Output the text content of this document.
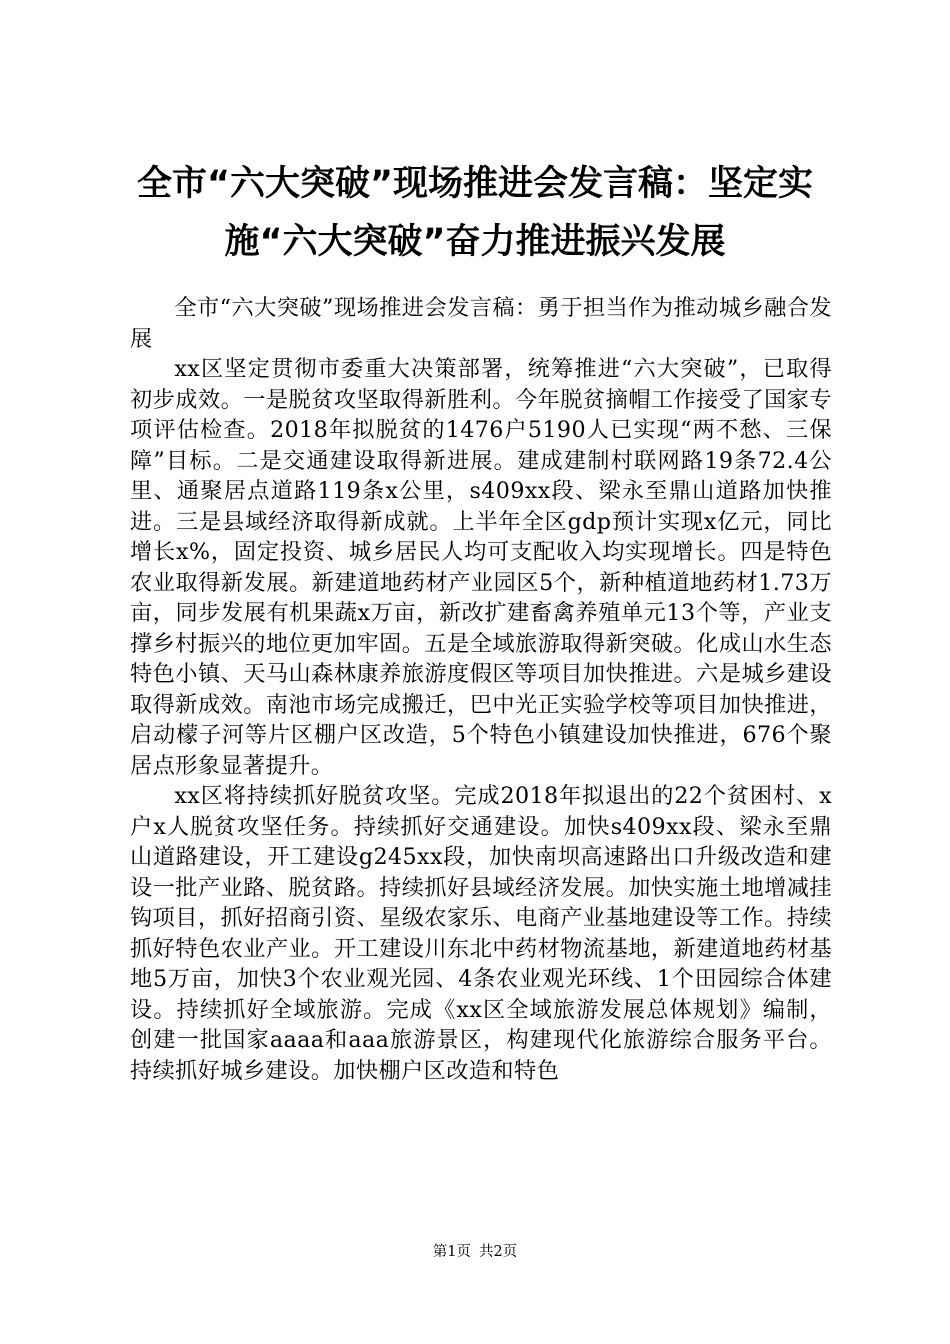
全市“六大突破”现场推进会发言稿：坚定实
施“六大突破”奋力推进振兴发展

全市“六大突破”现场推进会发言稿：勇于担当作为推动城乡融合发展

xx区坚定贯彻市委重大决策部署，统筹推进“六大突破”，已取得初步成效。一是脱贫攻坚取得新胜利。今年脱贫摘帽工作接受了国家专项评估检查。2018年拟脱贫的1476户5190人已实现“两不愁、三保障”目标。二是交通建设取得新进展。建成建制村联网路19条72.4公里、通聚居点道路119条x公里，s409xx段、梁永至鼎山道路加快推进。三是县域经济取得新成就。上半年全区gdp预计实现x亿元，同比增长x%，固定投资、城乡居民人均可支配收入均实现增长。四是特色农业取得新发展。新建道地药材产业园区5个，新种植道地药材1.73万亩，同步发展有机果蔬x万亩，新改扩建畜禽养殖单元13个等，产业支撑乡村振兴的地位更加牢固。五是全域旅游取得新突破。化成山水生态特色小镇、天马山森林康养旅游度假区等项目加快推进。六是城乡建设取得新成效。南池市场完成搬迁，巴中光正实验学校等项目加快推进，启动檬子河等片区棚户区改造，5个特色小镇建设加快推进，676个聚居点形象显著提升。

xx区将持续抓好脱贫攻坚。完成2018年拟退出的22个贫困村、x户x人脱贫攻坚任务。持续抓好交通建设。加快s409xx段、梁永至鼎山道路建设，开工建设g245xx段，加快南坝高速路出口升级改造和建设一批产业路、脱贫路。持续抓好县域经济发展。加快实施土地增减挂钩项目，抓好招商引资、星级农家乐、电商产业基地建设等工作。持续抓好特色农业产业。开工建设川东北中药材物流基地，新建道地药材基地5万亩，加快3个农业观光园、4条农业观光环线、1个田园综合体建设。持续抓好全域旅游。完成《xx区全域旅游发展总体规划》编制，创建一批国家aaaa和aaa旅游景区，构建现代化旅游综合服务平台。持续抓好城乡建设。加快棚户区改造和特色

第1页 共2页
